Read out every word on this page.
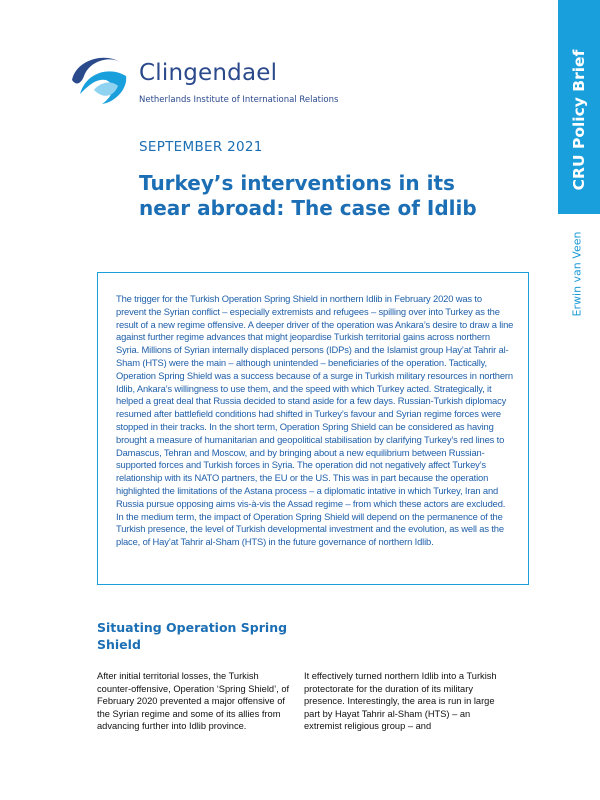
Clingendael
Netherlands Institute of International Relations
SEPTEMBER 2021
Turkey’s interventions in its
near abroad: The case of Idlib
CRU Policy Brief
Erwin van Veen

The trigger for the Turkish Operation Spring Shield in northern Idlib in February 2020 was to prevent the Syrian conflict – especially extremists and refugees – spilling over into Turkey as the result of a new regime offensive. A deeper driver of the operation was Ankara’s desire to draw a line against further regime advances that might jeopardise Turkish territorial gains across northern Syria. Millions of Syrian internally displaced persons (IDPs) and the Islamist group Hay’at Tahrir al-Sham (HTS) were the main – although unintended – beneficiaries of the operation. Tactically, Operation Spring Shield was a success because of a surge in Turkish military resources in northern Idlib, Ankara’s willingness to use them, and the speed with which Turkey acted. Strategically, it helped a great deal that Russia decided to stand aside for a few days. Russian-Turkish diplomacy resumed after battlefield conditions had shifted in Turkey’s favour and Syrian regime forces were stopped in their tracks. In the short term, Operation Spring Shield can be considered as having brought a measure of humanitarian and geopolitical stabilisation by clarifying Turkey’s red lines to Damascus, Tehran and Moscow, and by bringing about a new equilibrium between Russian-supported forces and Turkish forces in Syria. The operation did not negatively affect Turkey’s relationship with its NATO partners, the EU or the US. This was in part because the operation highlighted the limitations of the Astana process – a diplomatic intative in which Turkey, Iran and Russia pursue opposing aims vis-à-vis the Assad regime – from which these actors are excluded. In the medium term, the impact of Operation Spring Shield will depend on the permanence of the Turkish presence, the level of Turkish developmental investment and the evolution, as well as the place, of Hay’at Tahrir al-Sham (HTS) in the future governance of northern Idlib.

Situating Operation Spring Shield

After initial territorial losses, the Turkish counter-offensive, Operation ‘Spring Shield’, of February 2020 prevented a major offensive of the Syrian regime and some of its allies from advancing further into Idlib province.

It effectively turned northern Idlib into a Turkish protectorate for the duration of its military presence. Interestingly, the area is run in large part by Hayat Tahrir al-Sham (HTS) – an extremist religious group – and
